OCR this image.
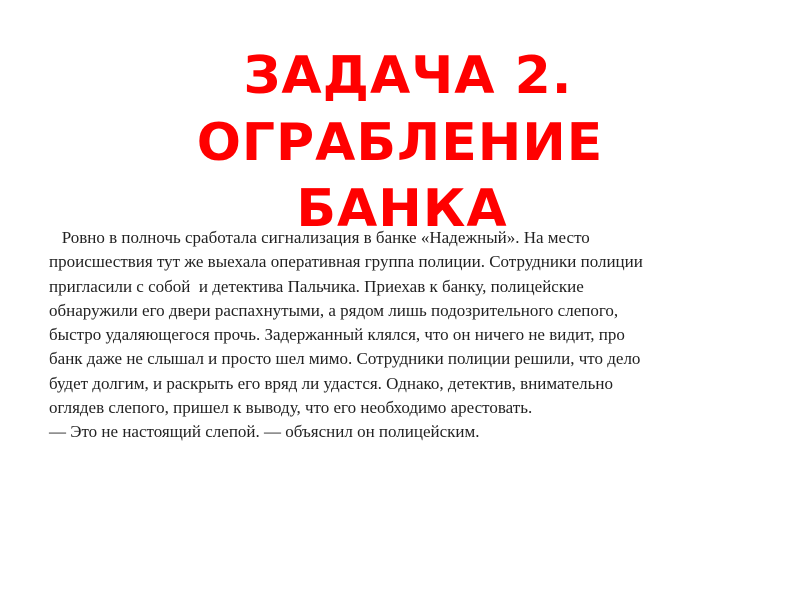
ЗАДАЧА 2.
ОГРАБЛЕНИЕ
БАНКА
Ровно в полночь сработала сигнализация в банке «Надежный». На место
происшествия тут же выехала оперативная группа полиции. Сотрудники полиции
пригласили с собой  и детектива Пальчика. Приехав к банку, полицейские
обнаружили его двери распахнутыми, а рядом лишь подозрительного слепого,
быстро удаляющегося прочь. Задержанный клялся, что он ничего не видит, про
банк даже не слышал и просто шел мимо. Сотрудники полиции решили, что дело
будет долгим, и раскрыть его вряд ли удастся. Однако, детектив, внимательно
оглядев слепого, пришел к выводу, что его необходимо арестовать.
— Это не настоящий слепой. — объяснил он полицейским.
